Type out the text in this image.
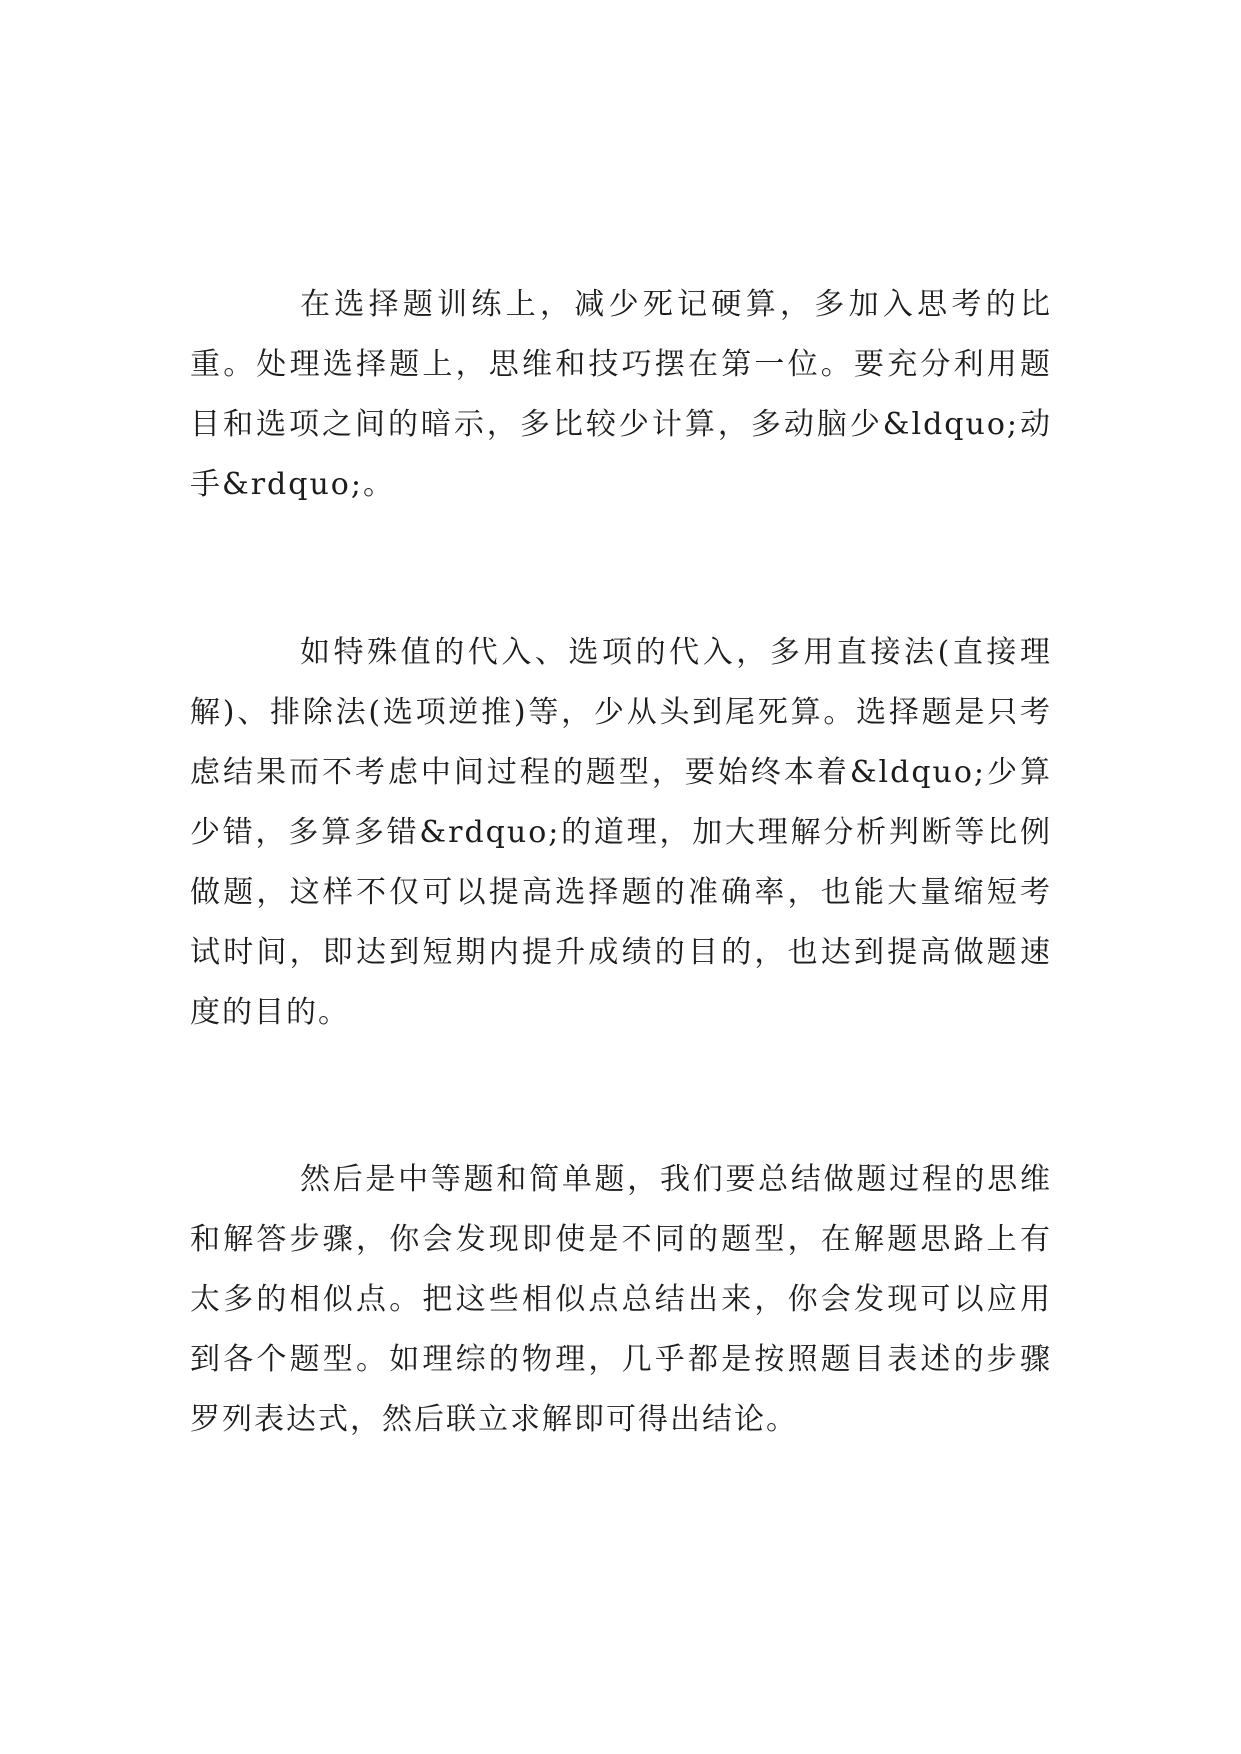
在选择题训练上，减少死记硬算，多加入思考的比重。处理选择题上，思维和技巧摆在第一位。要充分利用题目和选项之间的暗示，多比较少计算，多动脑少&ldquo;动手&rdquo;。

如特殊值的代入、选项的代入，多用直接法(直接理解)、排除法(选项逆推)等，少从头到尾死算。选择题是只考虑结果而不考虑中间过程的题型，要始终本着&ldquo;少算少错，多算多错&rdquo;的道理，加大理解分析判断等比例做题，这样不仅可以提高选择题的准确率，也能大量缩短考试时间，即达到短期内提升成绩的目的，也达到提高做题速度的目的。

然后是中等题和简单题，我们要总结做题过程的思维和解答步骤，你会发现即使是不同的题型，在解题思路上有太多的相似点。把这些相似点总结出来，你会发现可以应用到各个题型。如理综的物理，几乎都是按照题目表述的步骤罗列表达式，然后联立求解即可得出结论。
